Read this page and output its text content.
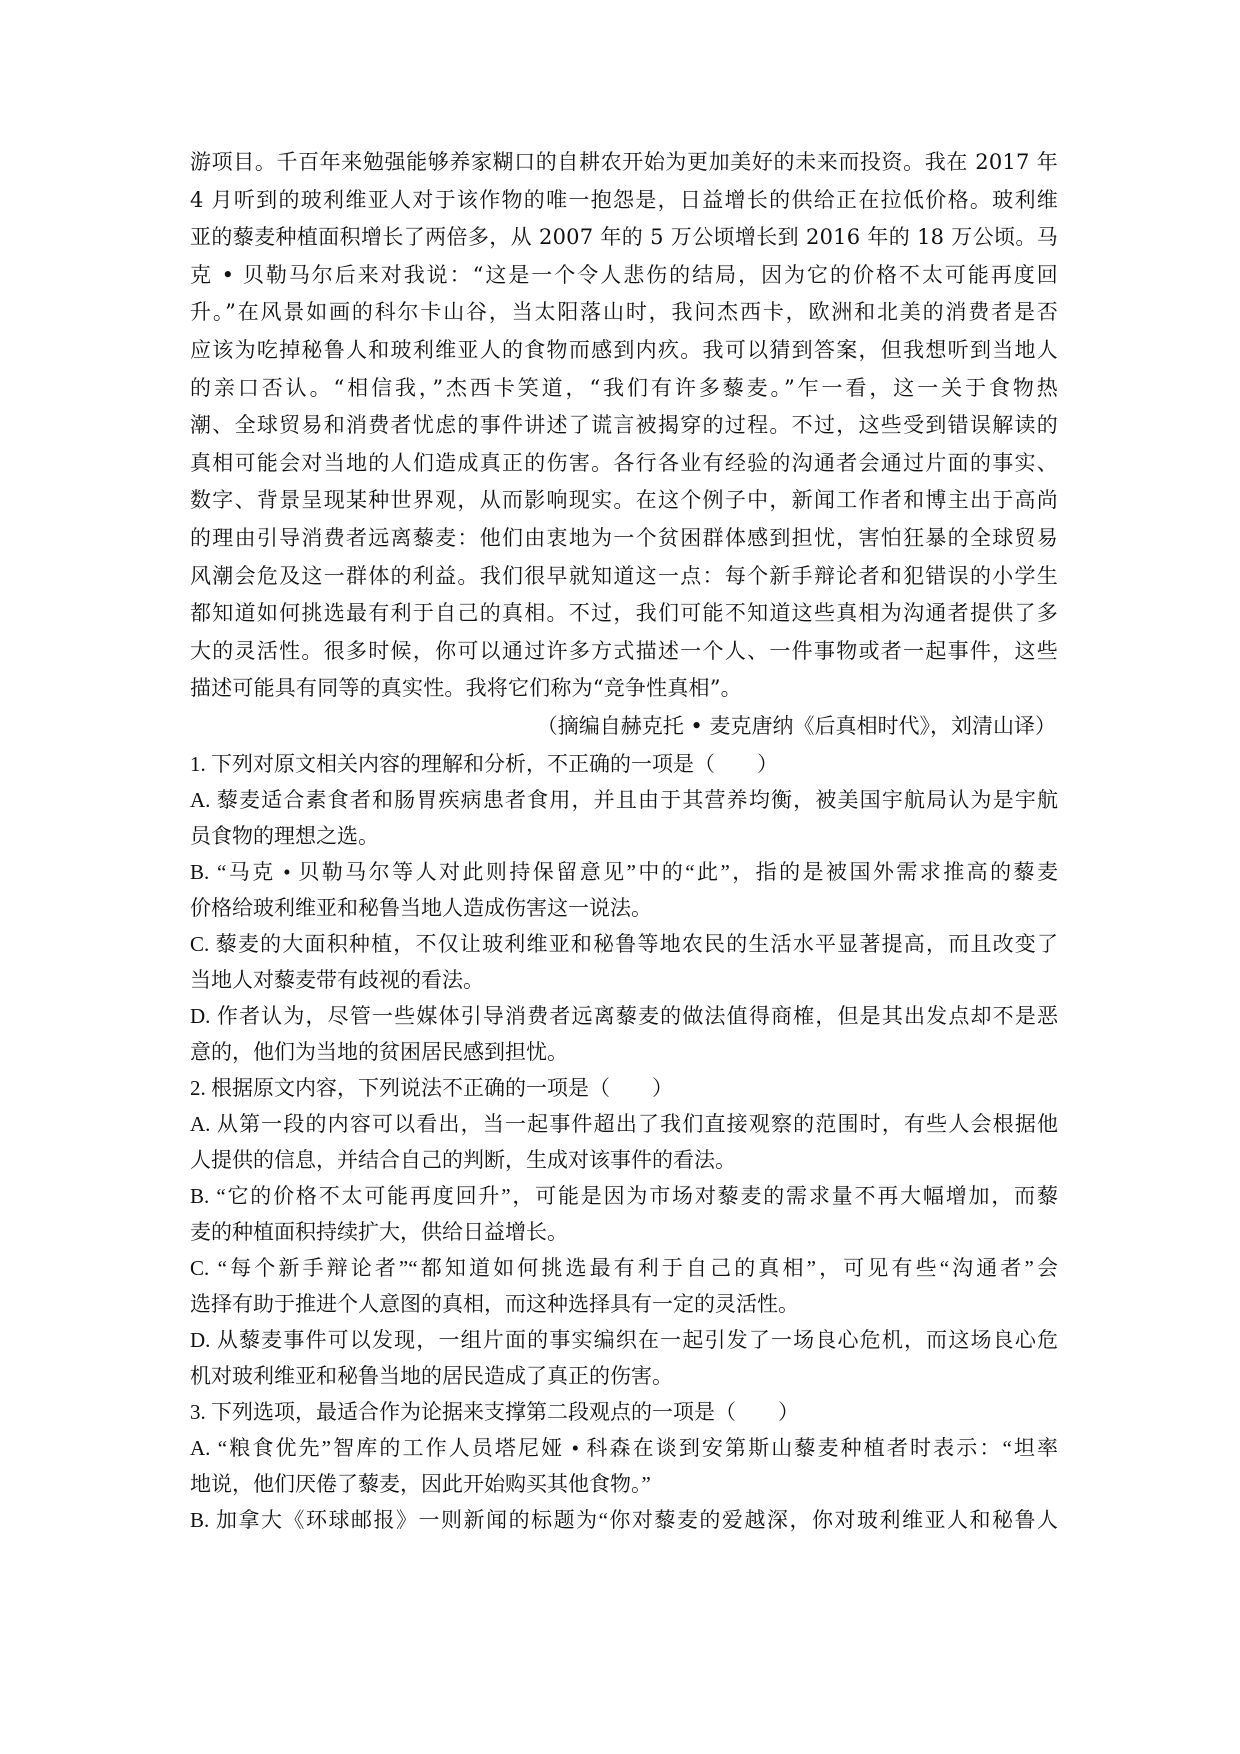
游项目。千百年来勉强能够养家糊口的自耕农开始为更加美好的未来而投资。我在 2017 年
4 月听到的玻利维亚人对于该作物的唯一抱怨是，日益增长的供给正在拉低价格。玻利维
亚的藜麦种植面积增长了两倍多，从 2007 年的 5 万公顷增长到 2016 年的 18 万公顷。马
克 • 贝勒马尔后来对我说：“这是一个令人悲伤的结局，因为它的价格不太可能再度回
升。”在风景如画的科尔卡山谷，当太阳落山时，我问杰西卡，欧洲和北美的消费者是否
应该为吃掉秘鲁人和玻利维亚人的食物而感到内疚。我可以猜到答案，但我想听到当地人
的亲口否认。“相信我，”杰西卡笑道，“我们有许多藜麦。”乍一看，这一关于食物热
潮、全球贸易和消费者忧虑的事件讲述了谎言被揭穿的过程。不过，这些受到错误解读的
真相可能会对当地的人们造成真正的伤害。各行各业有经验的沟通者会通过片面的事实、
数字、背景呈现某种世界观，从而影响现实。在这个例子中，新闻工作者和博主出于高尚
的理由引导消费者远离藜麦：他们由衷地为一个贫困群体感到担忧，害怕狂暴的全球贸易
风潮会危及这一群体的利益。我们很早就知道这一点：每个新手辩论者和犯错误的小学生
都知道如何挑选最有利于自己的真相。不过，我们可能不知道这些真相为沟通者提供了多
大的灵活性。很多时候，你可以通过许多方式描述一个人、一件事物或者一起事件，这些
描述可能具有同等的真实性。我将它们称为“竞争性真相”。

（摘编自赫克托 • 麦克唐纳《后真相时代》，刘清山译）

1. 下列对原文相关内容的理解和分析，不正确的一项是（　　）
A. 藜麦适合素食者和肠胃疾病患者食用，并且由于其营养均衡，被美国宇航局认为是宇航
员食物的理想之选。
B. “马克 • 贝勒马尔等人对此则持保留意见”中的“此”，指的是被国外需求推高的藜麦
价格给玻利维亚和秘鲁当地人造成伤害这一说法。
C. 藜麦的大面积种植，不仅让玻利维亚和秘鲁等地农民的生活水平显著提高，而且改变了
当地人对藜麦带有歧视的看法。
D. 作者认为，尽管一些媒体引导消费者远离藜麦的做法值得商榷，但是其出发点却不是恶
意的，他们为当地的贫困居民感到担忧。
2. 根据原文内容，下列说法不正确的一项是（　　）
A. 从第一段的内容可以看出，当一起事件超出了我们直接观察的范围时，有些人会根据他
人提供的信息，并结合自己的判断，生成对该事件的看法。
B. “它的价格不太可能再度回升”，可能是因为市场对藜麦的需求量不再大幅增加，而藜
麦的种植面积持续扩大，供给日益增长。
C. “每个新手辩论者”“都知道如何挑选最有利于自己的真相”，可见有些“沟通者”会
选择有助于推进个人意图的真相，而这种选择具有一定的灵活性。
D. 从藜麦事件可以发现，一组片面的事实编织在一起引发了一场良心危机，而这场良心危
机对玻利维亚和秘鲁当地的居民造成了真正的伤害。
3. 下列选项，最适合作为论据来支撑第二段观点的一项是（　　）
A. “粮食优先”智库的工作人员塔尼娅 • 科森在谈到安第斯山藜麦种植者时表示：“坦率
地说，他们厌倦了藜麦，因此开始购买其他食物。”
B. 加拿大《环球邮报》一则新闻的标题为“你对藜麦的爱越深，你对玻利维亚人和秘鲁人
